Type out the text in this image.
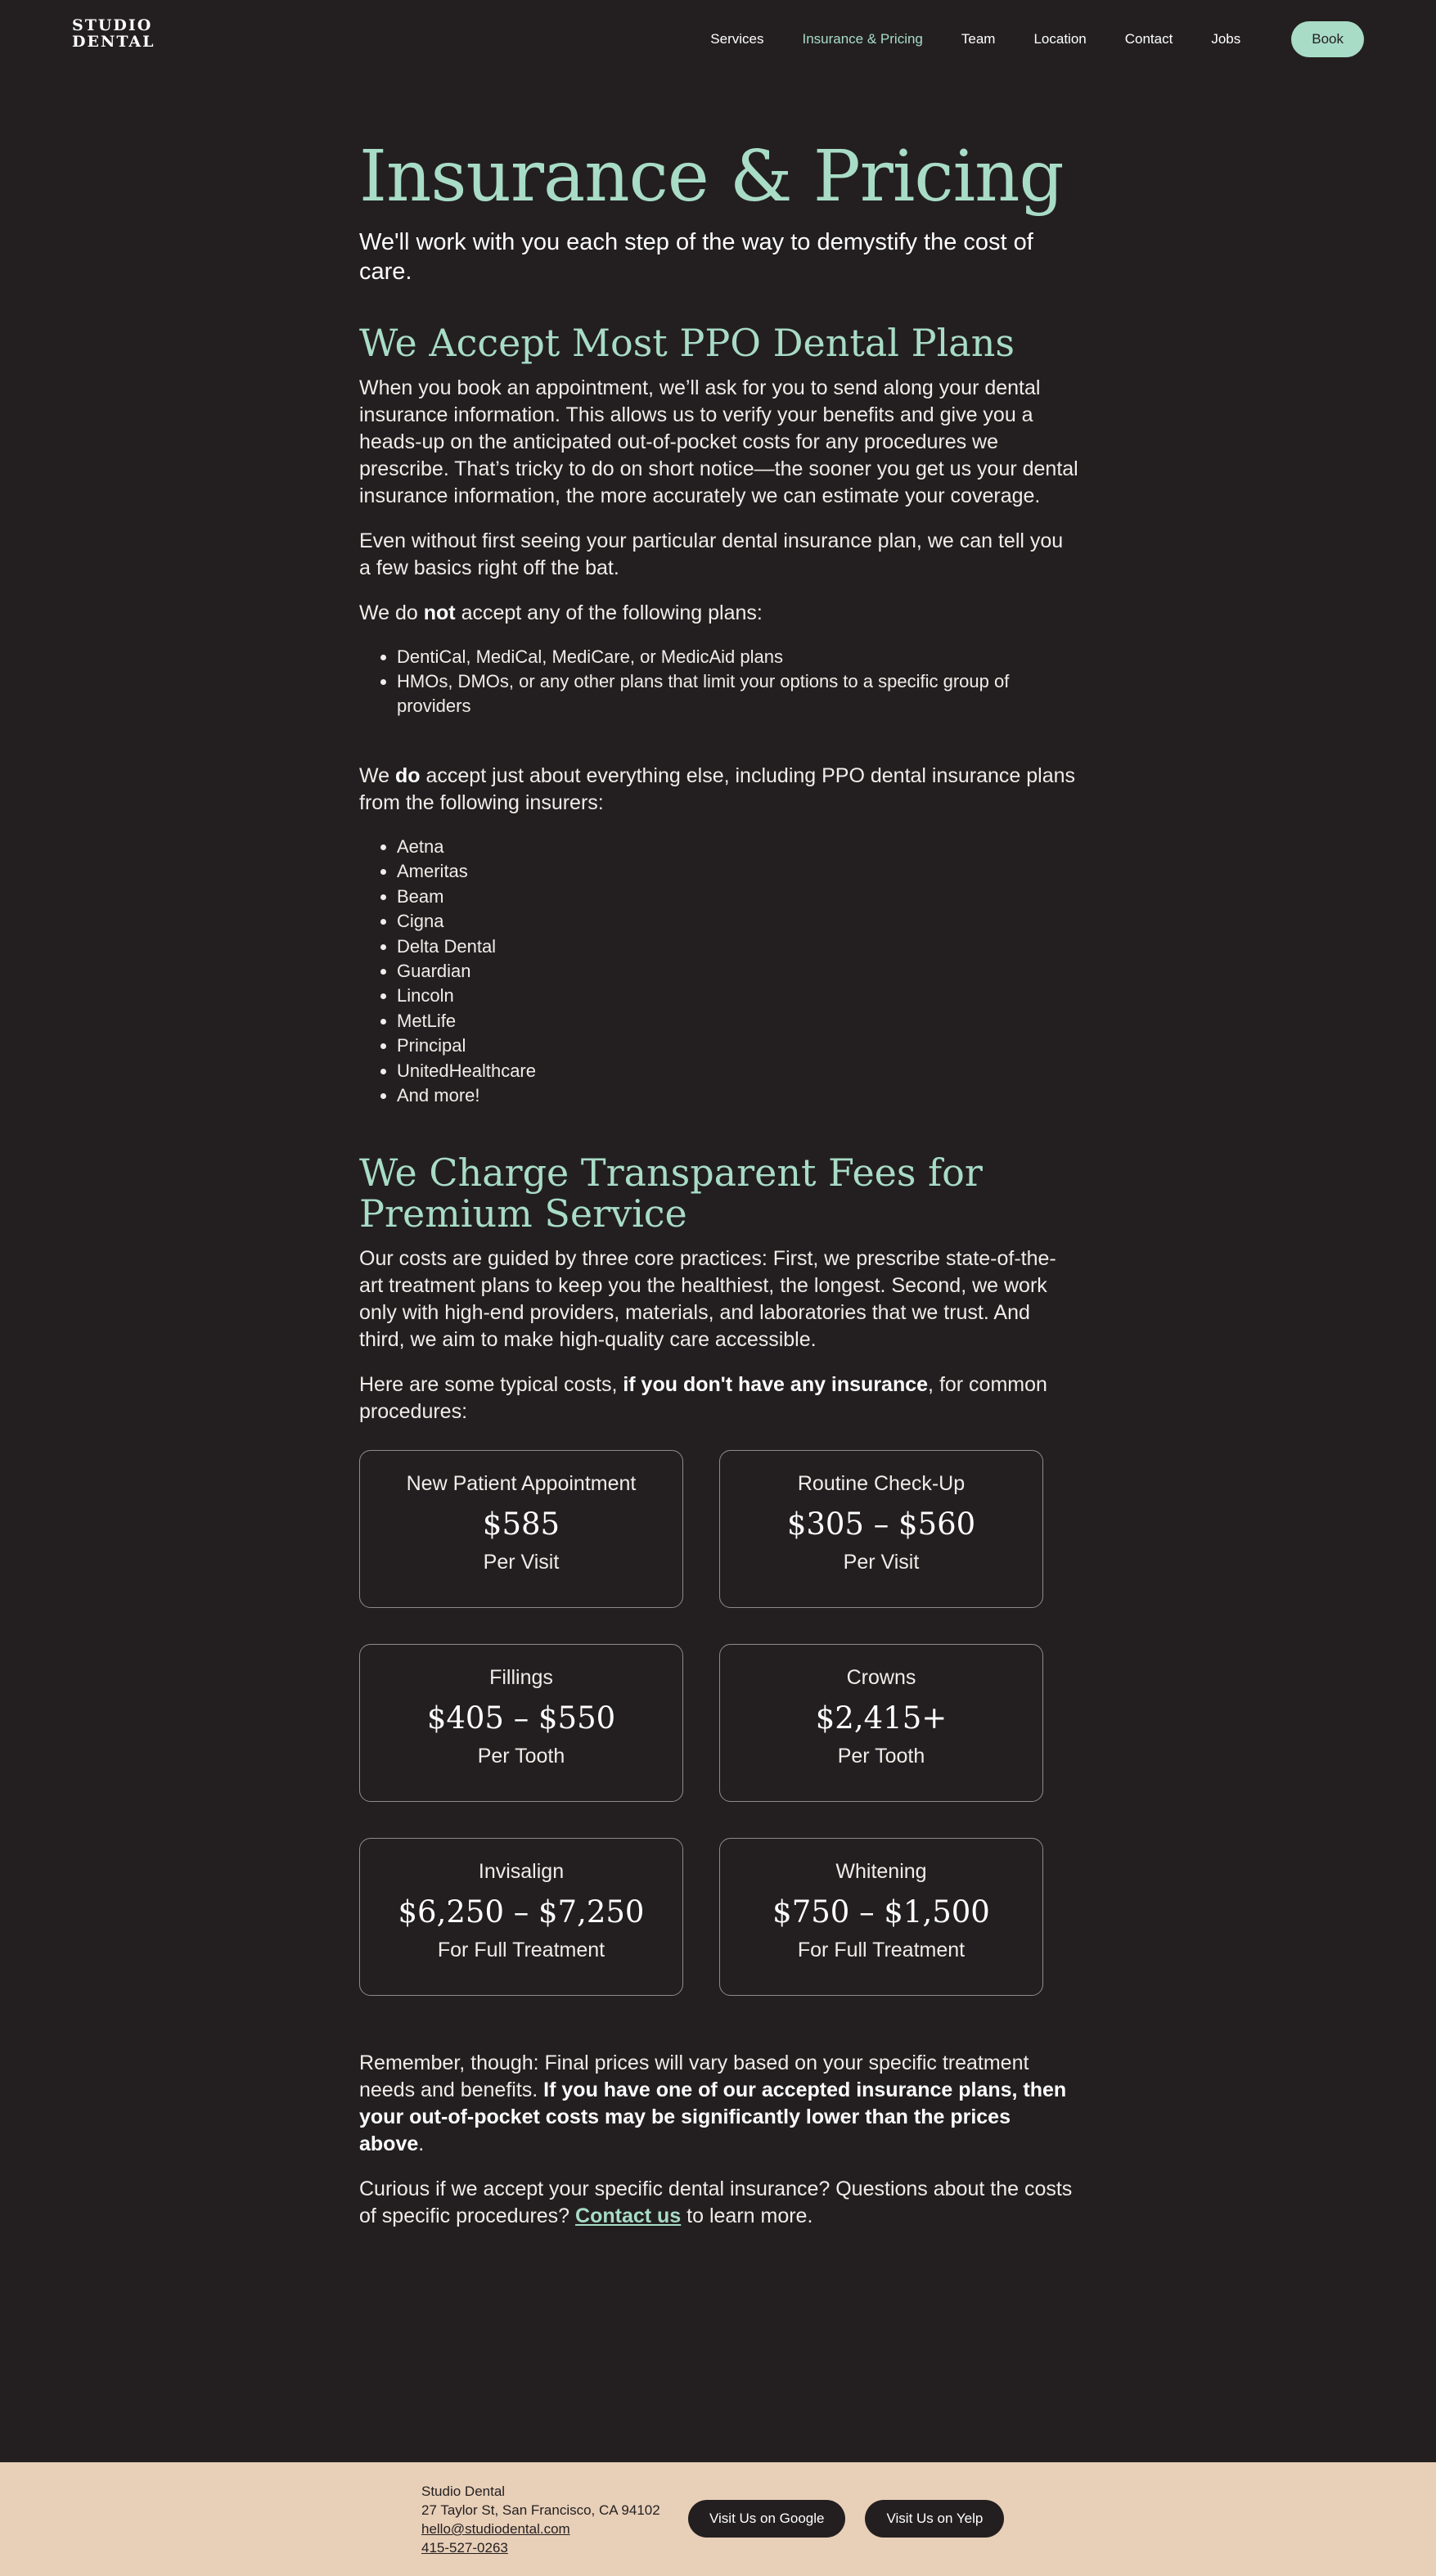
STUDIO
DENTAL	Services	Insurance & Pricing	Team	Location	Contact	Jobs	Book
Insurance & Pricing
We'll work with you each step of the way to demystify the cost of care.
We Accept Most PPO Dental Plans

When you book an appointment, we’ll ask for you to send along your dental insurance information. This allows us to verify your benefits and give you a heads-up on the anticipated out-of-pocket costs for any procedures we prescribe. That’s tricky to do on short notice—the sooner you get us your dental insurance information, the more accurately we can estimate your coverage.

Even without first seeing your particular dental insurance plan, we can tell you a few basics right off the bat.

We do not accept any of the following plans:

• DentiCal, MediCal, MediCare, or MedicAid plans
• HMOs, DMOs, or any other plans that limit your options to a specific group of providers

We do accept just about everything else, including PPO dental insurance plans from the following insurers:

• Aetna
• Ameritas
• Beam
• Cigna
• Delta Dental
• Guardian
• Lincoln
• MetLife
• Principal
• UnitedHealthcare
• And more!
We Charge Transparent Fees for Premium Service

Our costs are guided by three core practices: First, we prescribe state-of-the-art treatment plans to keep you the healthiest, the longest. Second, we work only with high-end providers, materials, and laboratories that we trust. And third, we aim to make high-quality care accessible.

Here are some typical costs, if you don't have any insurance, for common procedures:

New Patient Appointment
$585
Per Visit
Routine Check-Up
$305 – $560
Per Visit
Fillings
$405 – $550
Per Tooth
Crowns
$2,415+
Per Tooth
Invisalign
$6,250 – $7,250
For Full Treatment
Whitening
$750 – $1,500
For Full Treatment

Remember, though: Final prices will vary based on your specific treatment needs and benefits. If you have one of our accepted insurance plans, then your out-of-pocket costs may be significantly lower than the prices above.

Curious if we accept your specific dental insurance? Questions about the costs of specific procedures? Contact us to learn more.

Studio Dental
27 Taylor St, San Francisco, CA 94102
hello@studiodental.com
415-527-0263
Visit Us on Google	Visit Us on Yelp
